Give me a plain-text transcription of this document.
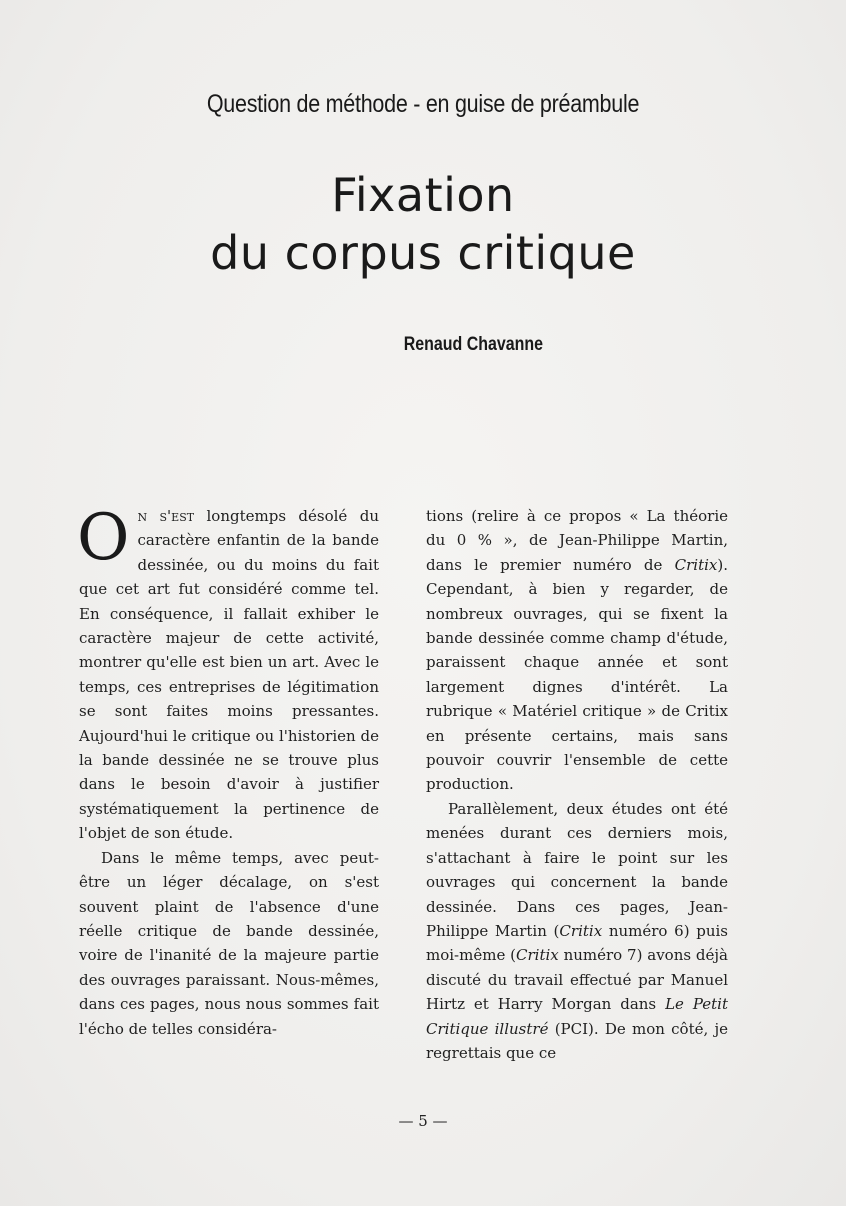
Question de méthode - en guise de préambule
Fixation
du corpus critique
Renaud Chavanne

On s'est longtemps désolé du caractère enfantin de la bande dessinée, ou du moins du fait que cet art fut considéré comme tel. En conséquence, il fallait exhiber le caractère majeur de cette activité, montrer qu'elle est bien un art. Avec le temps, ces entreprises de légitimation se sont faites moins pressantes. Aujourd'hui le critique ou l'historien de la bande dessinée ne se trouve plus dans le besoin d'avoir à justifier systématiquement la pertinence de l'objet de son étude.

Dans le même temps, avec peut-être un léger décalage, on s'est souvent plaint de l'absence d'une réelle critique de bande dessinée, voire de l'inanité de la majeure partie des ouvrages paraissant. Nous-mêmes, dans ces pages, nous nous sommes fait l'écho de telles considéra-

tions (relire à ce propos « La théorie du 0 % », de Jean-Philippe Martin, dans le premier numéro de Critix). Cependant, à bien y regarder, de nombreux ouvrages, qui se fixent la bande dessinée comme champ d'étude, paraissent chaque année et sont largement dignes d'intérêt. La rubrique « Matériel critique » de Critix en présente certains, mais sans pouvoir couvrir l'ensemble de cette production.

Parallèlement, deux études ont été menées durant ces derniers mois, s'attachant à faire le point sur les ouvrages qui concernent la bande dessinée. Dans ces pages, Jean-Philippe Martin (Critix numéro 6) puis moi-même (Critix numéro 7) avons déjà discuté du travail effectué par Manuel Hirtz et Harry Morgan dans Le Petit Critique illustré (PCI). De mon côté, je regrettais que ce

— 5 —
